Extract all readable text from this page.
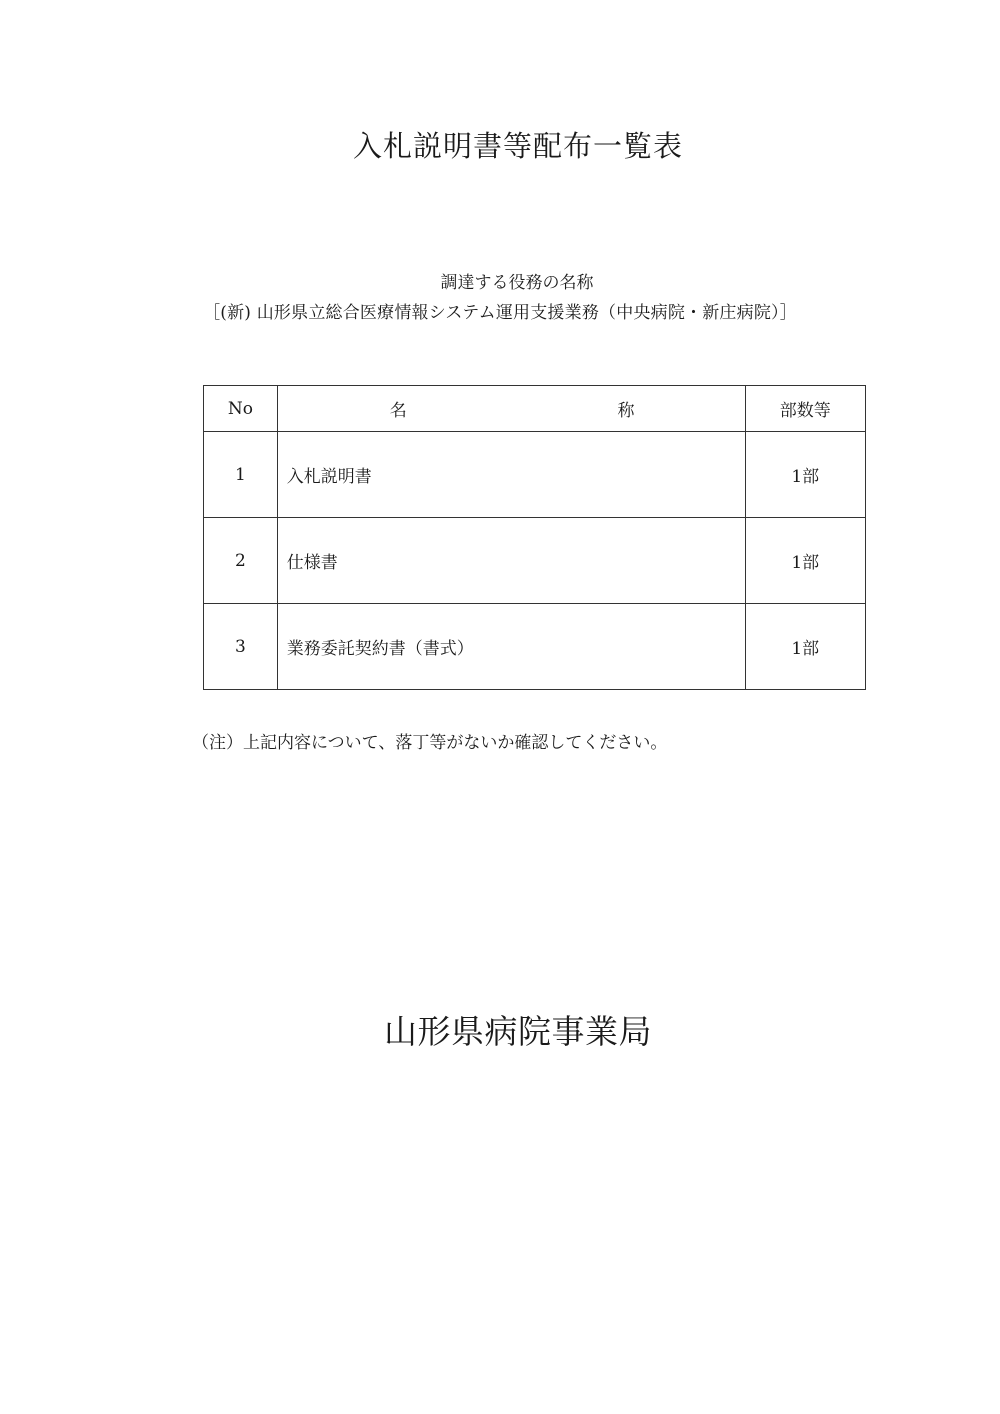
入札説明書等配布一覧表
調達する役務の名称
［(新) 山形県立総合医療情報システム運用支援業務（中央病院・新庄病院）］
No	名 称	部数等
1	入札説明書	1部
2	仕様書	1部
3	業務委託契約書（書式）	1部
（注）上記内容について、落丁等がないか確認してください。
山形県病院事業局
